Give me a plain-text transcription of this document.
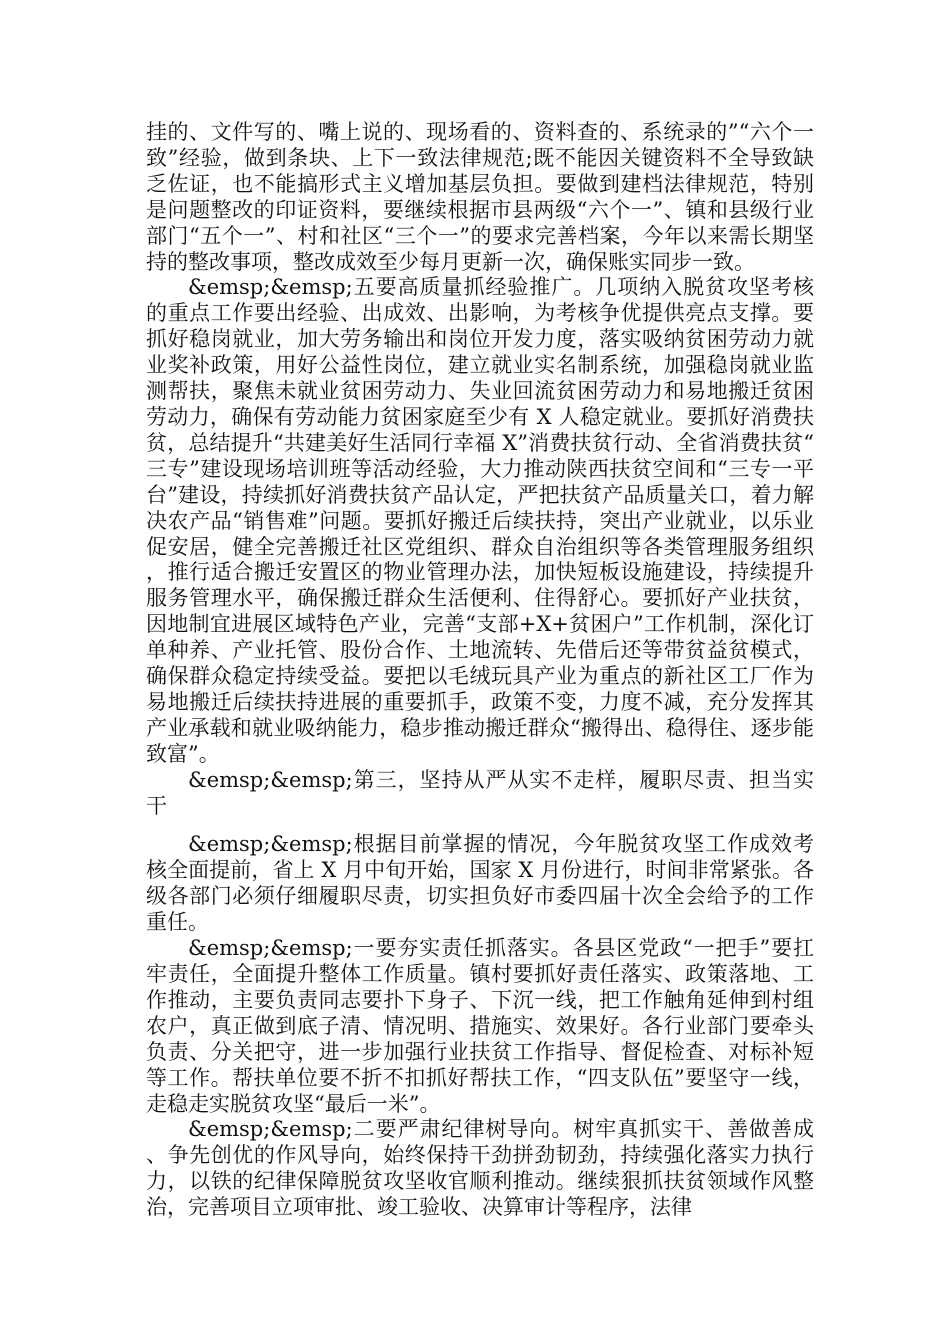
挂的、文件写的、嘴上说的、现场看的、资料查的、系统录的”“六个一致”经验，做到条块、上下一致法律规范;既不能因关键资料不全导致缺乏佐证，也不能搞形式主义增加基层负担。要做到建档法律规范，特别是问题整改的印证资料，要继续根据市县两级“六个一”、镇和县级行业部门“五个一”、村和社区“三个一”的要求完善档案，今年以来需长期坚持的整改事项，整改成效至少每月更新一次，确保账实同步一致。

&emsp;&emsp;五要高质量抓经验推广。几项纳入脱贫攻坚考核的重点工作要出经验、出成效、出影响，为考核争优提供亮点支撑。要抓好稳岗就业，加大劳务输出和岗位开发力度，落实吸纳贫困劳动力就业奖补政策，用好公益性岗位，建立就业实名制系统，加强稳岗就业监测帮扶，聚焦未就业贫困劳动力、失业回流贫困劳动力和易地搬迁贫困劳动力，确保有劳动能力贫困家庭至少有 X 人稳定就业。要抓好消费扶贫，总结提升“共建美好生活同行幸福 X”消费扶贫行动、全省消费扶贫“三专”建设现场培训班等活动经验，大力推动陕西扶贫空间和“三专一平台”建设，持续抓好消费扶贫产品认定，严把扶贫产品质量关口，着力解决农产品“销售难”问题。要抓好搬迁后续扶持，突出产业就业，以乐业促安居，健全完善搬迁社区党组织、群众自治组织等各类管理服务组织，推行适合搬迁安置区的物业管理办法，加快短板设施建设，持续提升服务管理水平，确保搬迁群众生活便利、住得舒心。要抓好产业扶贫，因地制宜进展区域特色产业，完善“支部+X+贫困户”工作机制，深化订单种养、产业托管、股份合作、土地流转、先借后还等带贫益贫模式，确保群众稳定持续受益。要把以毛绒玩具产业为重点的新社区工厂作为易地搬迁后续扶持进展的重要抓手，政策不变，力度不减，充分发挥其产业承载和就业吸纳能力，稳步推动搬迁群众“搬得出、稳得住、逐步能致富”。

&emsp;&emsp;第三，坚持从严从实不走样，履职尽责、担当实干

&emsp;&emsp;根据目前掌握的情况，今年脱贫攻坚工作成效考核全面提前，省上 X 月中旬开始，国家 X 月份进行，时间非常紧张。各级各部门必须仔细履职尽责，切实担负好市委四届十次全会给予的工作重任。

&emsp;&emsp;一要夯实责任抓落实。各县区党政“一把手”要扛牢责任，全面提升整体工作质量。镇村要抓好责任落实、政策落地、工作推动，主要负责同志要扑下身子、下沉一线，把工作触角延伸到村组农户，真正做到底子清、情况明、措施实、效果好。各行业部门要牵头负责、分关把守，进一步加强行业扶贫工作指导、督促检查、对标补短等工作。帮扶单位要不折不扣抓好帮扶工作，“四支队伍”要坚守一线，走稳走实脱贫攻坚“最后一米”。

&emsp;&emsp;二要严肃纪律树导向。树牢真抓实干、善做善成、争先创优的作风导向，始终保持干劲拼劲韧劲，持续强化落实力执行力，以铁的纪律保障脱贫攻坚收官顺利推动。继续狠抓扶贫领域作风整治，完善项目立项审批、竣工验收、决算审计等程序，法律
